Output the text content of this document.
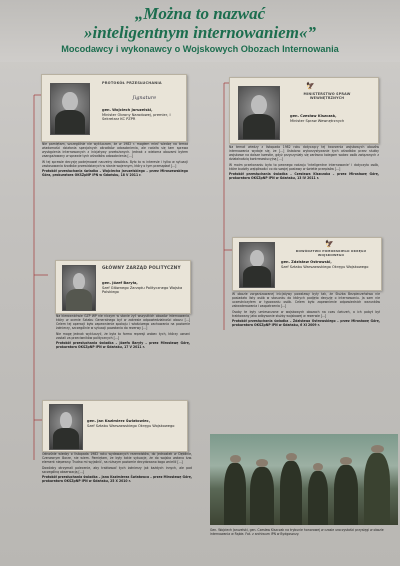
„Można to nazwać
»inteligentnym internowaniem«”
Mocodawcy i wykonawcy o Wojskowych Obozach Internowania
PROTOKÓŁ PRZESŁUCHANIA
∫ignature
gen. Wojciech Jaruzelski,
Minister Obrony Narodowej, premier, I Sekretarz KC PZPR

Nie pamiętam, szczególnie nie wykluczam, że w 1982 r. mogłem mieć wiedzę na temat wiadomości działania specjalnych ośrodków odosobnienia, ale rodziła się tam sprawa wystąpienia internowanych z inicjatywy przełożonych. Jednak z wieloma obozami byłem zaangażowany w sprawie tych ośrodków odosobnienia [...]

W tej sprawie decyzję podejmował naczelny dowódca. Było to w interesie i tylko w sytuacji zastosowania środków przewidzianych w stanie wojennym, który o tym przesądzał [...]

Protokół przesłuchania świadka – Wojciecha Jaruzelskiego – przez Miroszewskiego Góra, prokuratora OKŚZpNP IPN w Gdańsku, 18 V 2011 r.

🦅
MINISTERSTWO SPRAW WEWNĘTRZNYCH
gen. Czesław Kiszczak,
Minister Spraw Wewnętrznych

Na temat wiedzy z listopada 1982 roku dotyczący tej tworzenia wojskowych obozów internowania wydaje się, że [...] Ustalono wykorzystywanie tych ośrodków przez służby wojskowe na dalsze kwestie, gdyż przyczyniały się zarówno kolegom wobec osób związanych z działalnością kontrrewolucyjną [...]

W moim przekonaniu było to pewnego rodzaju 'inteligentne internowanie' i dotyczyło osób, które budziły wątpliwości co do swojej postawy w świetle przepisów [...]

Protokół przesłuchania świadka – Czesława Kiszczaka – przez Mirosławę Górę, prokuratora OKŚZpNP IPN w Gdańsku, 13 IV 2011 r.

GŁÓWNY ZARZĄD POLITYCZNY
gen. Józef Baryła,
Szef Głównego Zarządu Politycznego Wojska Polskiego

Na kierownictwie GZP WP nie niczym w stanie żyć wszystkich obozów internowania, który w ocenie Sztabu Generalnego był w zakresie odpowiedzialności obozu [...] Celem tej operacji było zapewnienie spokoju i właściwego zachowania na poziomie żołnierzy, szczególnie w sytuacji powołania do rezerwy [...]

Nie mogę jednak wykluczyć, że była to forma represji wobec tych, którzy uznani zostali za przeciwników politycznych [...]

Protokół przesłuchania świadka – Józefa Baryły – przez Mirosławę Górę, prokuratora OKŚZpNP IPN w Gdańsku, 17 V 2011 r.

🦅
DOWÓDZTWO POMORSKIEGO OKRĘGU WOJSKOWEGO
gen. Zdzisław Ostrowski,
Szef Sztabu Warszawskiego Okręgu Wojskowego

W obozie zorganizowanej inicjatywy powstawy były tak, że Służba Bezpieczeństwa nie posiadała listy osób w stosunku do których podjęto decyzję o internowaniu. Ja sam nie uczestniczyłem w typowaniu osób. Celem było zapewnienie odpowiednich warunków zakwaterowania i zaopatrzenia [...]

Osoby te były umieszczone w wojskowych obozach na czas ćwiczeń, a ich pobyt był traktowany jako odbywanie służby wojskowej w rezerwie [...]

Protokół przesłuchania świadka – Zdzisława Ostrowskiego – przez Mirosławę Górę, prokuratora OKŚZpNP IPN w Gdańsku, 6 XI 2009 r.

gen. Jan Kazimierz Światowiec,
Szef Sztabu Warszawskiego Okręgu Wojskowego

Odnośnie wiedzy o listopada 1982 roku wydawanych rezerwistów, do jednostek w Dęblinie, Czerwonym Borze, nie wiem. Pamiętam, że były takie sytuacje, że do wojska wołano tzw. element niepewny. Trudno mi wyjaśnić, na niższym poziomie decydowano kogo wcielić [...]

Dowódcy otrzymali polecenie, aby traktować tych żołnierzy jak każdych innych, ale pod szczególną obserwacją [...]

Protokół przesłuchania świadka – Jana Kazimierza Światowca – przez Mirosławę Górę, prokuratora OKŚZpNP IPN w Gdańsku, 25 X 2010 r.

Gen. Wojciech Jaruzelski, gen. Czesław Kiszczak na trybunie honorowej w czasie uroczystości przysięgi w obozie internowania w Rąbie. Fot. z archiwum IPN w Bydgoszczy.
